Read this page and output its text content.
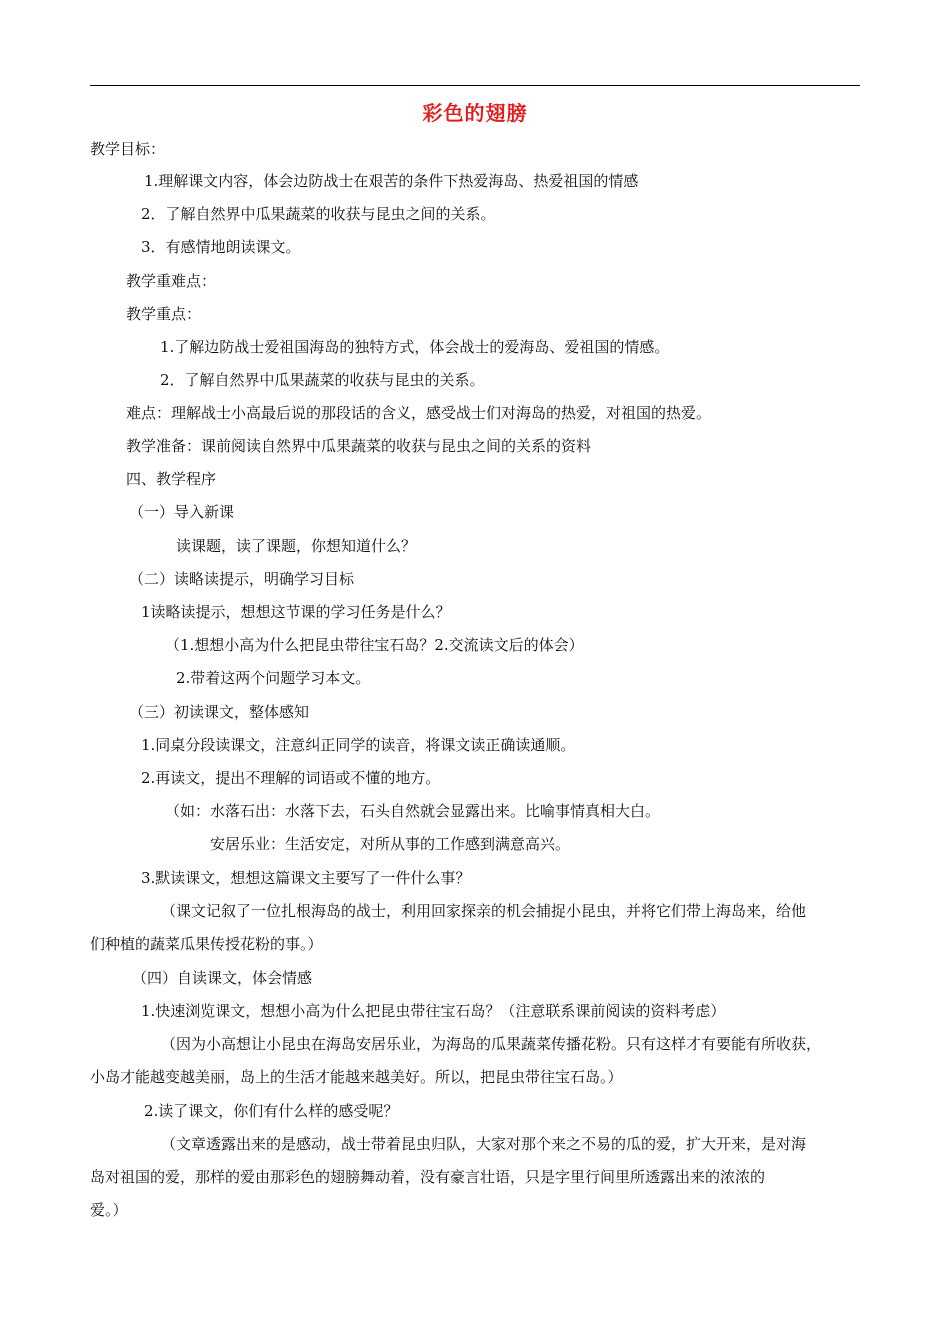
彩色的翅膀
教学目标：
1.理解课文内容，体会边防战士在艰苦的条件下热爱海岛、热爱祖国的情感
2．了解自然界中瓜果蔬菜的收获与昆虫之间的关系。
3．有感情地朗读课文。
教学重难点：
教学重点：
1.了解边防战士爱祖国海岛的独特方式，体会战士的爱海岛、爱祖国的情感。
2．了解自然界中瓜果蔬菜的收获与昆虫的关系。
难点：理解战士小高最后说的那段话的含义，感受战士们对海岛的热爱，对祖国的热爱。
教学准备：课前阅读自然界中瓜果蔬菜的收获与昆虫之间的关系的资料
四、教学程序
（一）导入新课
读课题，读了课题，你想知道什么？
（二）读略读提示，明确学习目标
1读略读提示，想想这节课的学习任务是什么？
（1.想想小高为什么把昆虫带往宝石岛？2.交流读文后的体会）
2.带着这两个问题学习本文。
（三）初读课文，整体感知
1.同桌分段读课文，注意纠正同学的读音，将课文读正确读通顺。
2.再读文，提出不理解的词语或不懂的地方。
（如：水落石出：水落下去，石头自然就会显露出来。比喻事情真相大白。
安居乐业：生活安定，对所从事的工作感到满意高兴。
3.默读课文，想想这篇课文主要写了一件什么事？
（课文记叙了一位扎根海岛的战士，利用回家探亲的机会捕捉小昆虫，并将它们带上海岛来，给他
们种植的蔬菜瓜果传授花粉的事。）
（四）自读课文，体会情感
1.快速浏览课文，想想小高为什么把昆虫带往宝石岛？（注意联系课前阅读的资料考虑）
（因为小高想让小昆虫在海岛安居乐业，为海岛的瓜果蔬菜传播花粉。只有这样才有要能有所收获，
小岛才能越变越美丽，岛上的生活才能越来越美好。所以，把昆虫带往宝石岛。）
2.读了课文，你们有什么样的感受呢？
（文章透露出来的是感动，战士带着昆虫归队，大家对那个来之不易的瓜的爱，扩大开来，是对海
岛对祖国的爱，那样的爱由那彩色的翅膀舞动着，没有豪言壮语，只是字里行间里所透露出来的浓浓的
爱。）
